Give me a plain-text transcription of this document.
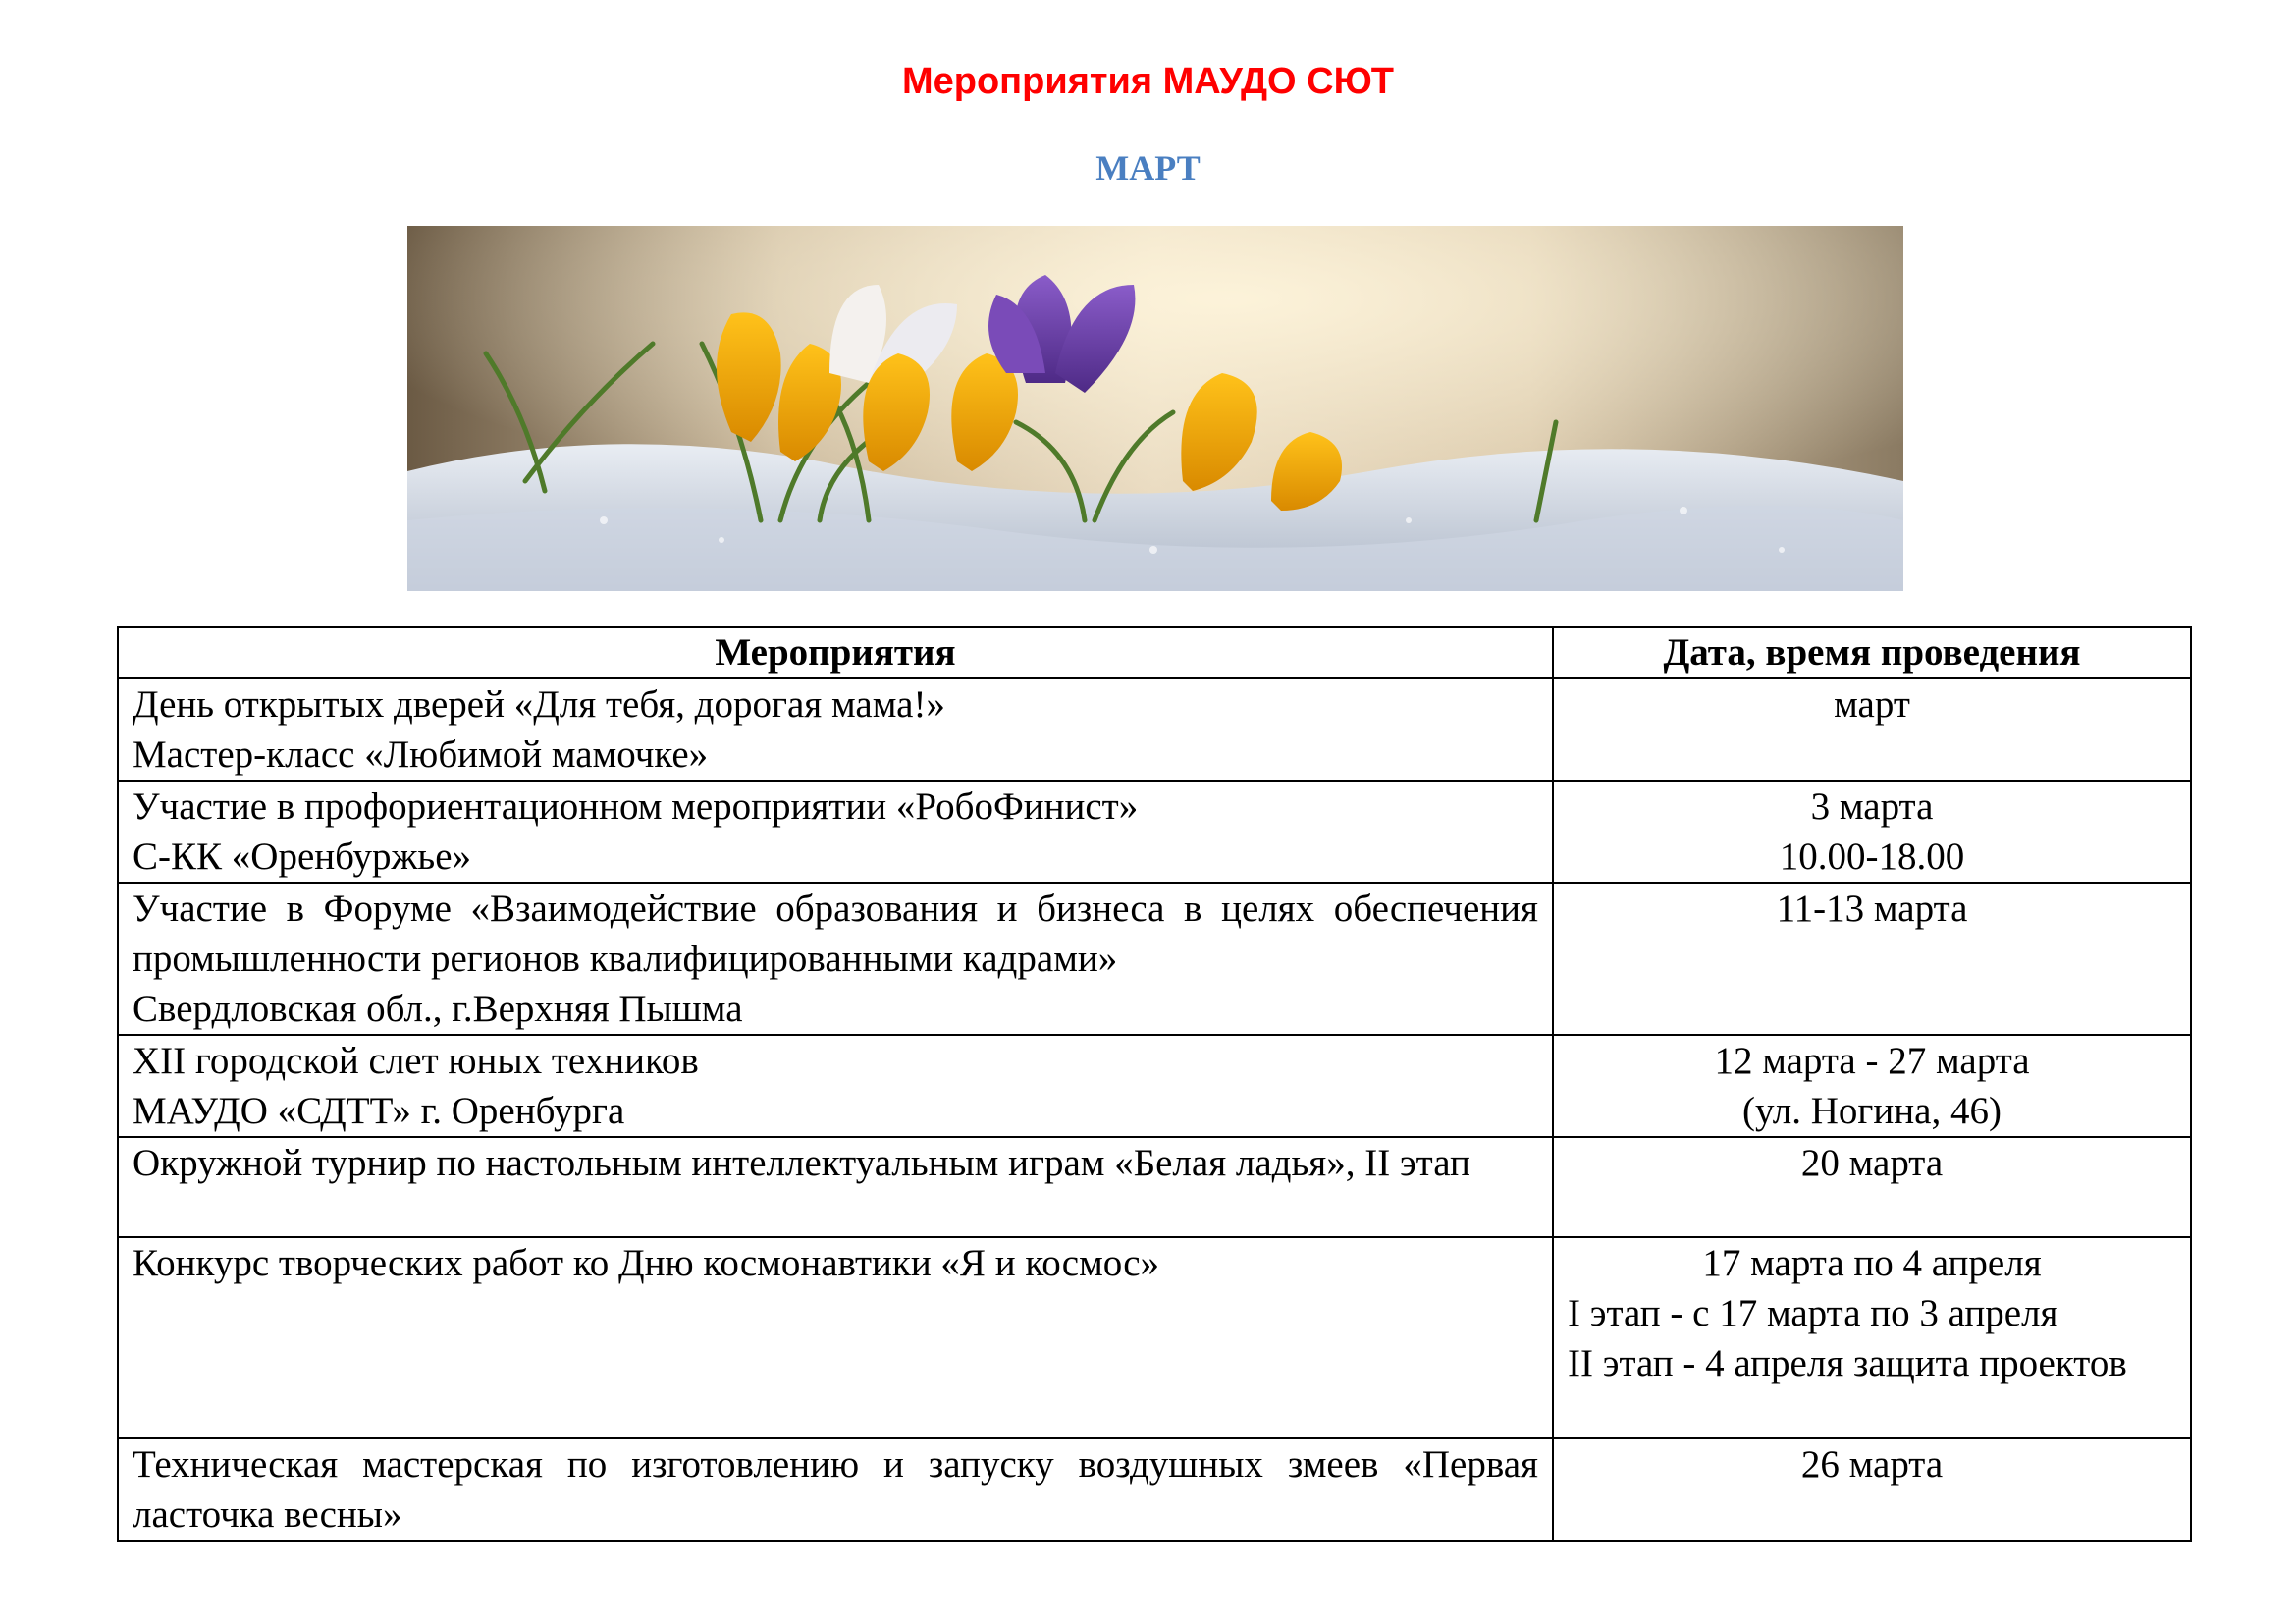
Мероприятия МАУДО СЮТ
МАРТ
Мероприятия	Дата, время проведения

День открытых дверей «Для тебя, дорогая мама!»
Мастер-класс «Любимой мамочке»	март

Участие в профориентационном мероприятии «РобоФинист»
С-КК «Оренбуржье»	3 марта
10.00-18.00

Участие в Форуме «Взаимодействие образования и бизнеса в целях обеспечения промышленности регионов квалифицированными кадрами»
Свердловская обл., г.Верхняя Пышма	11-13 марта

XII городской слет юных техников
МАУДО «СДТТ» г. Оренбурга	12 марта - 27 марта
(ул. Ногина, 46)

Окружной турнир по настольным интеллектуальным играм «Белая ладья», II этап	20 марта

Конкурс творческих работ ко Дню космонавтики «Я и космос»	17 марта по 4 апреля
I этап - с 17 марта по 3 апреля
II этап - 4 апреля защита проектов

Техническая мастерская по изготовлению и запуску воздушных змеев «Первая ласточка весны»	26 марта
